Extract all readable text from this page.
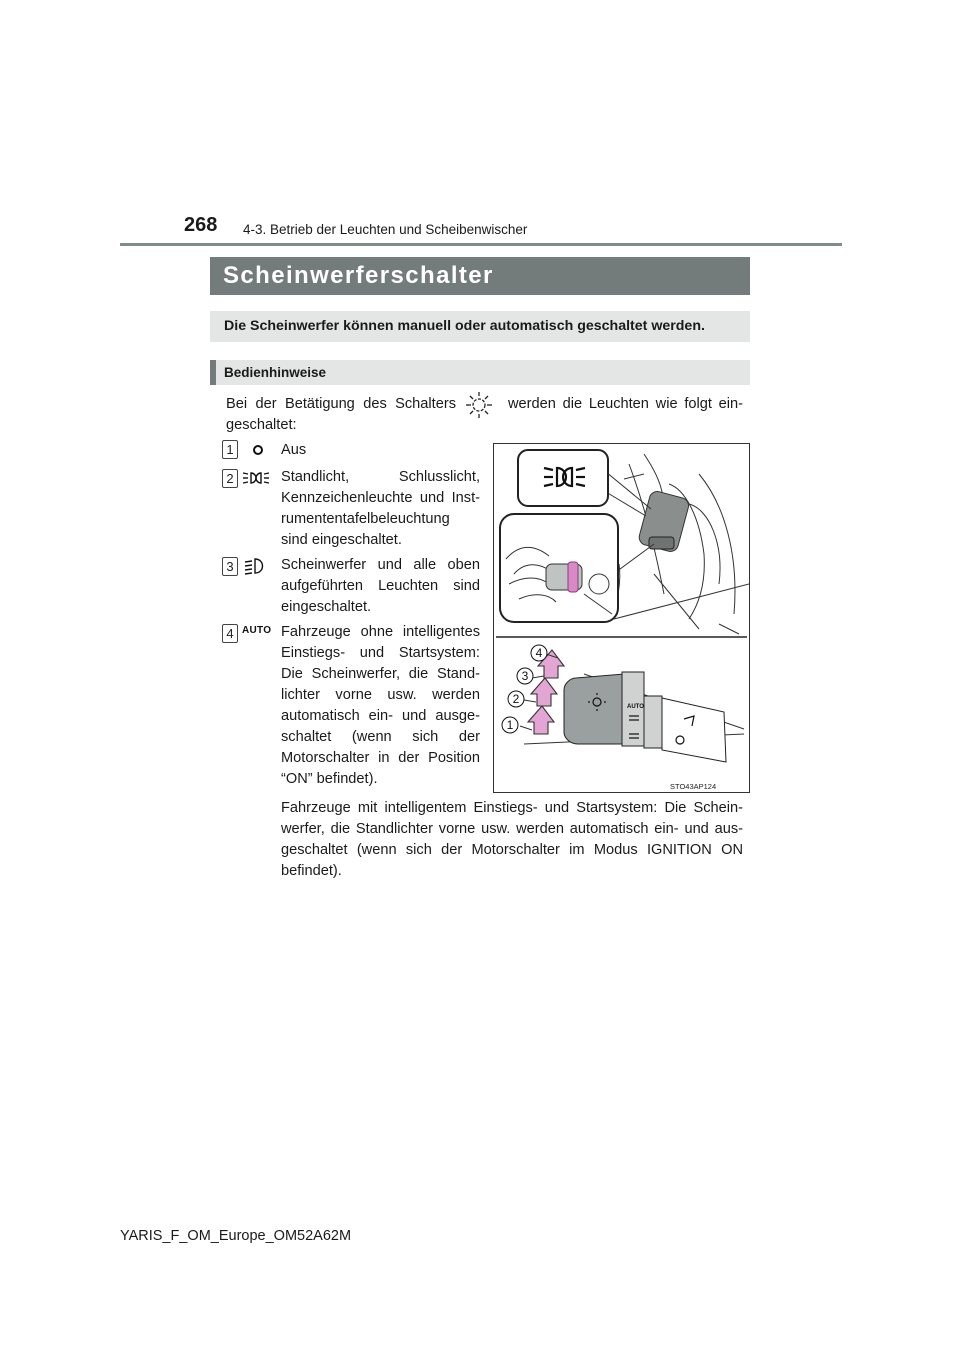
268 4-3. Betrieb der Leuchten und Scheibenwischer
Scheinwerferschalter
Die Scheinwerfer können manuell oder automatisch geschaltet werden.
Bedienhinweise
Bei der Betätigung des Schalters	werden die Leuchten wie folgt ein-
geschaltet:
1	Aus
2	Standlicht, Schlusslicht,
Kennzeichenleuchte und Inst-
rumententafelbeleuchtung
sind eingeschaltet.
3	Scheinwerfer und alle oben
aufgeführten Leuchten sind
eingeschaltet.
4 AUTO Fahrzeuge ohne intelligentes
Einstiegs- und Startsystem:
Die Scheinwerfer, die Stand-
lichter vorne usw. werden
automatisch ein- und ausge-
schaltet (wenn sich der
Motorschalter in der Position
“ON” befindet).
AUTO
1
2
3
4
STO43AP124
Fahrzeuge mit intelligentem Einstiegs- und Startsystem: Die Schein-werfer, die Standlichter vorne usw. werden automatisch ein- und aus-geschaltet (wenn sich der Motorschalter im Modus IGNITION ON befindet).
YARIS_F_OM_Europe_OM52A62M
